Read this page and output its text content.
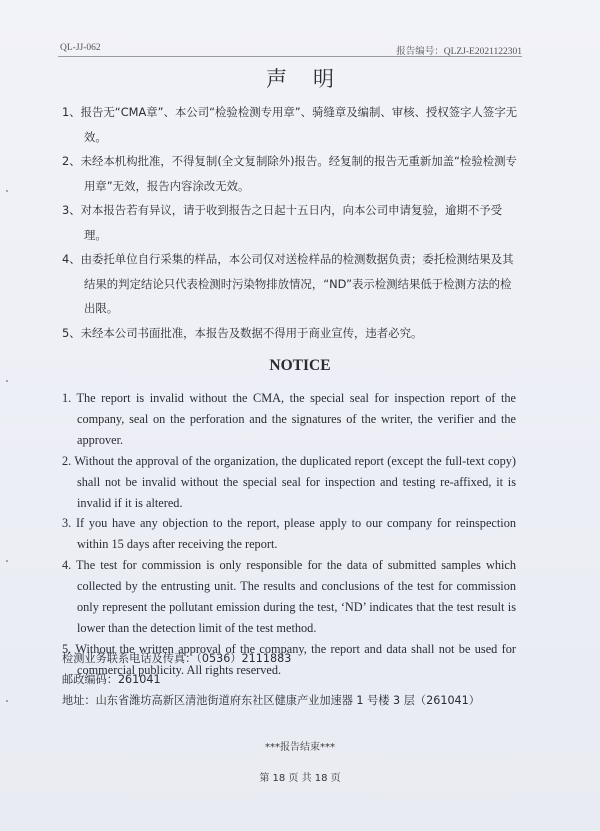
QL-JJ-062	报告编号：QLZJ-E2021122301
声明
1、报告无“CMA章”、本公司“检验检测专用章”、骑缝章及编制、审核、授权签字人签字无效。
2、未经本机构批准，不得复制(全文复制除外)报告。经复制的报告无重新加盖“检验检测专用章”无效，报告内容涂改无效。
3、对本报告若有异议，请于收到报告之日起十五日内，向本公司申请复验，逾期不予受理。
4、由委托单位自行采集的样品，本公司仅对送检样品的检测数据负责；委托检测结果及其结果的判定结论只代表检测时污染物排放情况，“ND”表示检测结果低于检测方法的检出限。
5、未经本公司书面批准，本报告及数据不得用于商业宣传，违者必究。
NOTICE
1. The report is invalid without the CMA, the special seal for inspection report of the company, seal on the perforation and the signatures of the writer, the verifier and the approver.
2. Without the approval of the organization, the duplicated report (except the full-text copy) shall not be invalid without the special seal for inspection and testing re-affixed, it is invalid if it is altered.
3. If you have any objection to the report, please apply to our company for reinspection within 15 days after receiving the report.
4. The test for commission is only responsible for the data of submitted samples which collected by the entrusting unit. The results and conclusions of the test for commission only represent the pollutant emission during the test, ‘ND’ indicates that the test result is lower than the detection limit of the test method.
5. Without the written approval of the company, the report and data shall not be used for commercial publicity. All rights reserved.
检测业务联系电话及传真：（0536）2111883
邮政编码：261041
地址：山东省潍坊高新区清池街道府东社区健康产业加速器 1 号楼 3 层（261041）
***报告结束***
第 18 页 共 18 页
